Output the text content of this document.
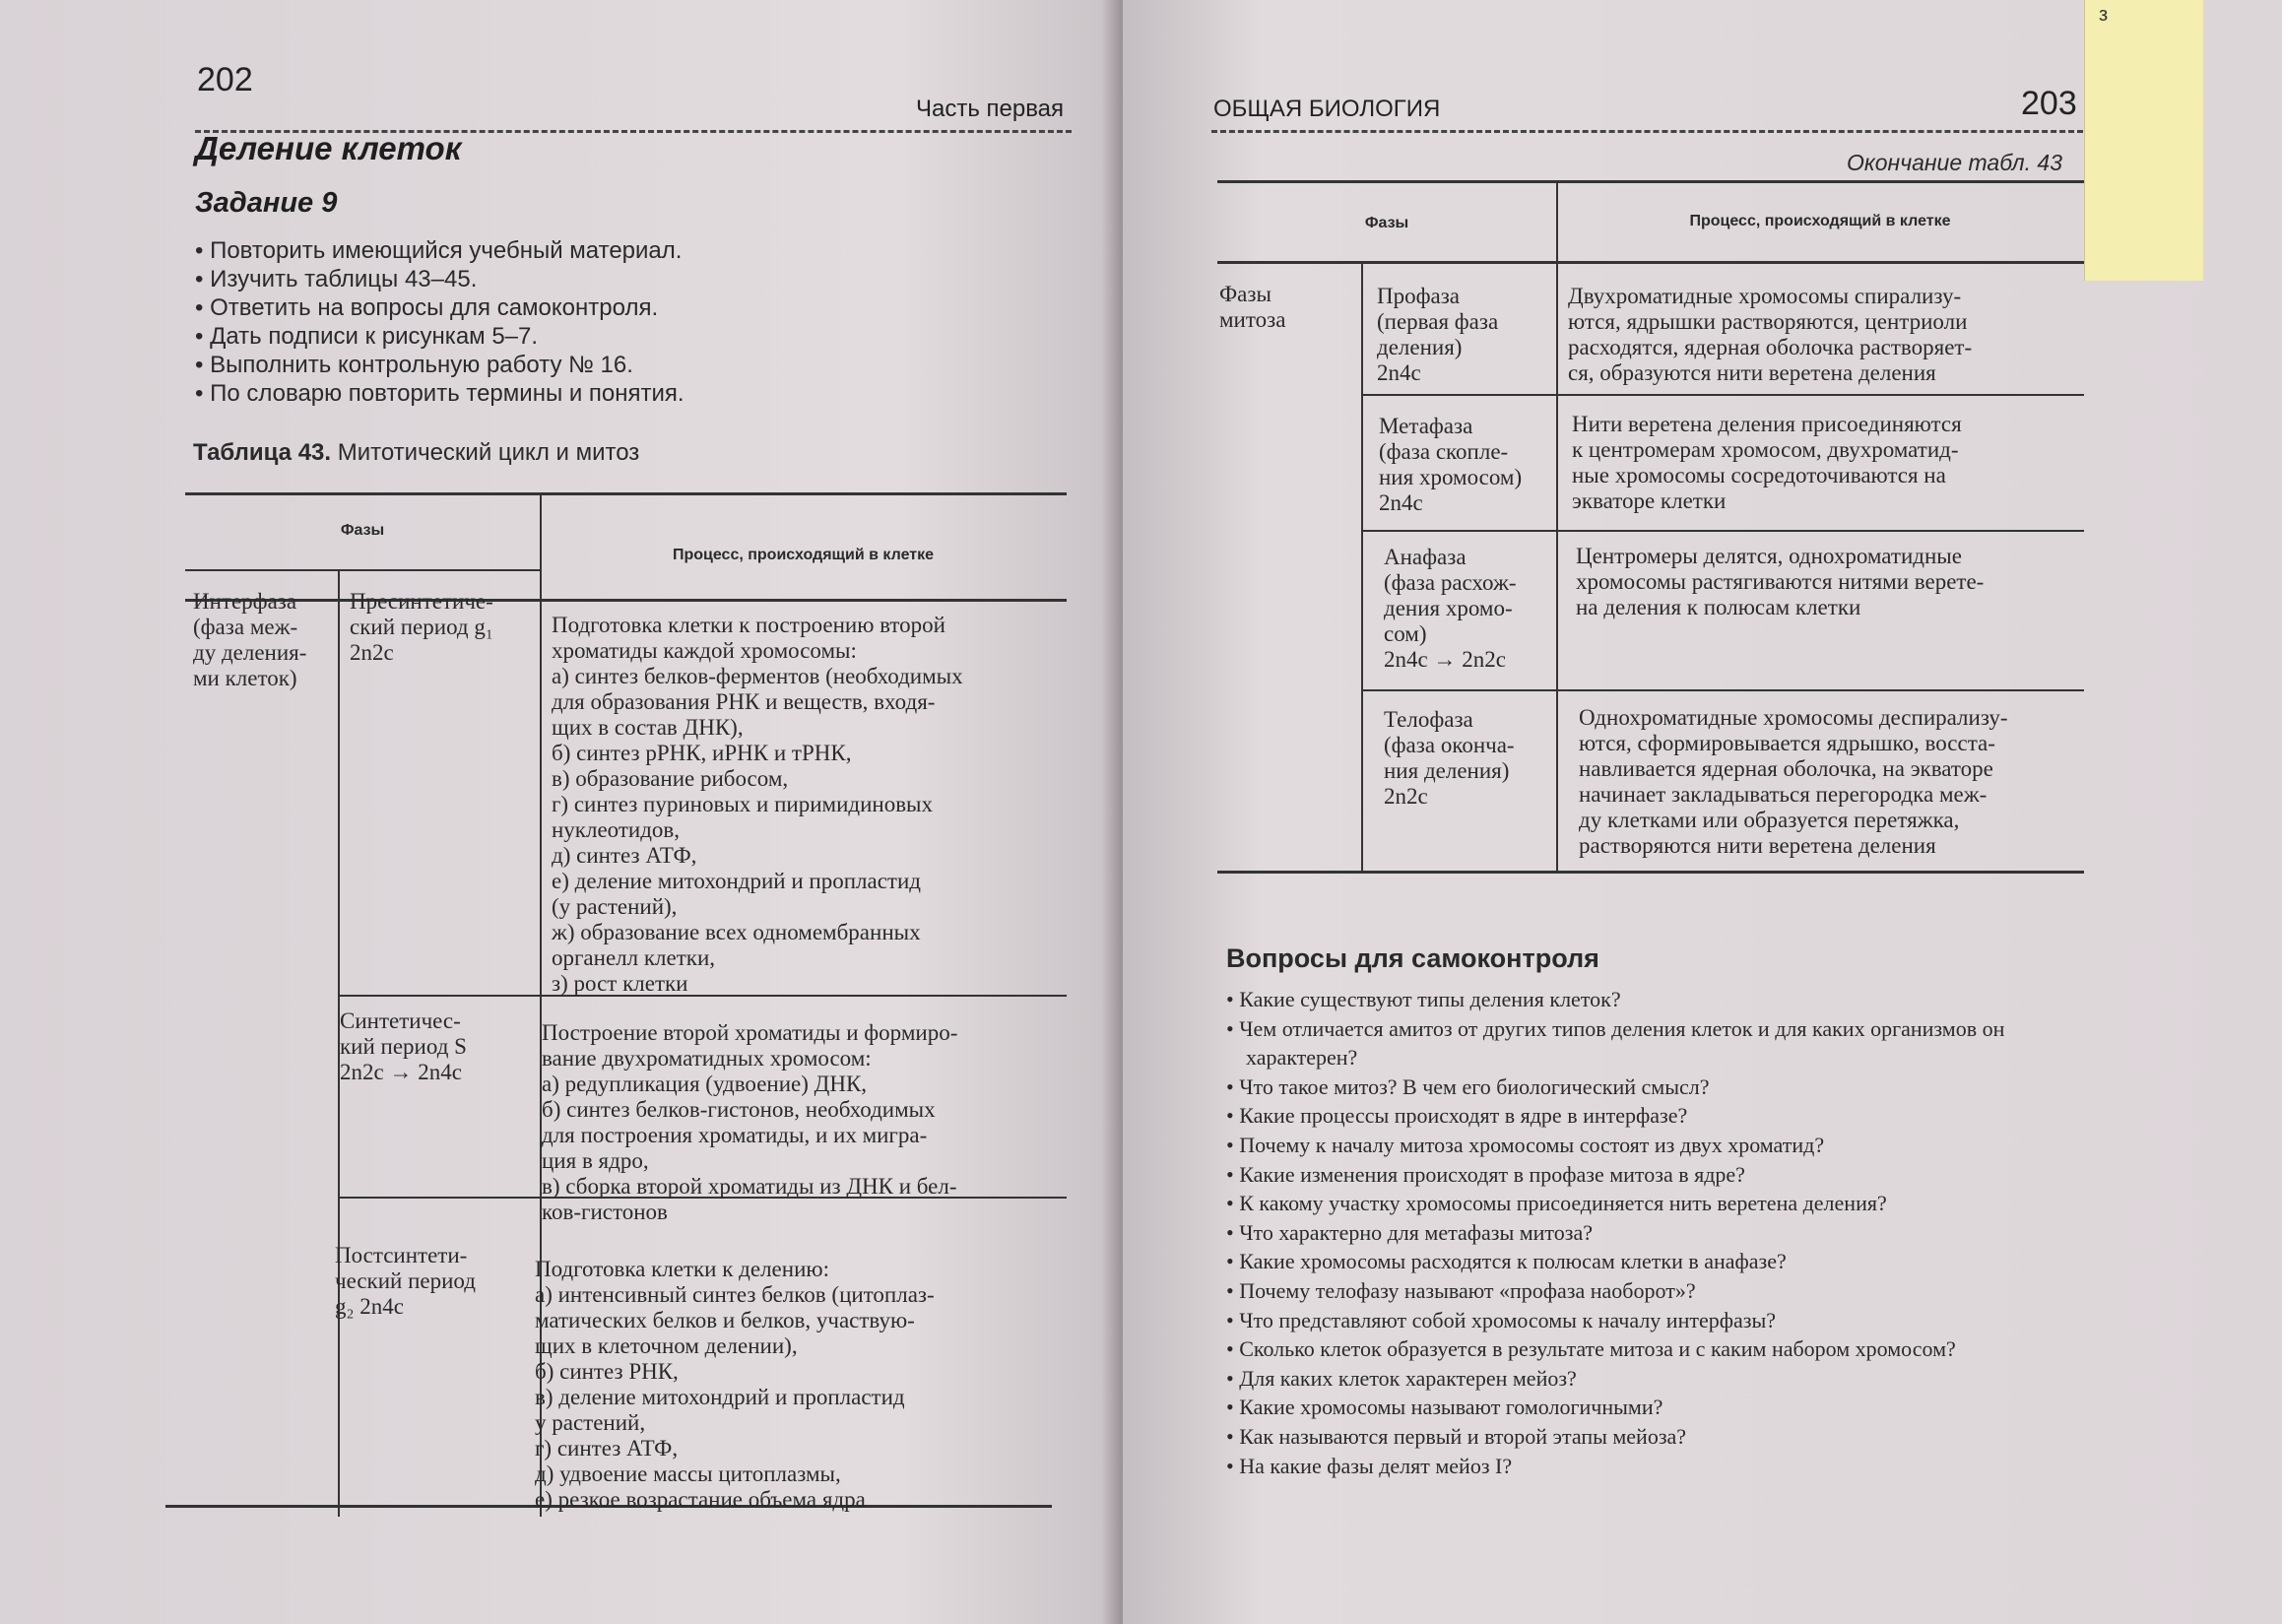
202
Часть первая
Деление клеток
Задание 9
• Повторить имеющийся учебный материал.
• Изучить таблицы 43–45.
• Ответить на вопросы для самоконтроля.
• Дать подписи к рисункам 5–7.
• Выполнить контрольную работу № 16.
• По словарю повторить термины и понятия.
Таблица 43. Митотический цикл и митоз
Фазы
Процесс, происходящий в клетке
Интерфаза
(фаза меж-
ду деления-
ми клеток)
Пресинтетиче-
ский период g₁
2n2c
Подготовка клетки к построению второй
хроматиды каждой хромосомы:
а) синтез белков-ферментов (необходимых
для образования РНК и веществ, входя-
щих в состав ДНК),
б) синтез рРНК, иРНК и тРНК,
в) образование рибосом,
г) синтез пуриновых и пиримидиновых
нуклеотидов,
д) синтез АТФ,
е) деление митохондрий и пропластид
(у растений),
ж) образование всех одномембранных
органелл клетки,
з) рост клетки
Синтетичес-
кий период S
2n2c → 2n4c
Построение второй хроматиды и формиро-
вание двухроматидных хромосом:
а) редупликация (удвоение) ДНК,
б) синтез белков-гистонов, необходимых
для построения хроматиды, и их мигра-
ция в ядро,
в) сборка второй хроматиды из ДНК и бел-
ков-гистонов
Постсинтети-
ческий период
g₂ 2n4c
Подготовка клетки к делению:
а) интенсивный синтез белков (цитоплаз-
матических белков и белков, участвую-
щих в клеточном делении),
б) синтез РНК,
в) деление митохондрий и пропластид
у растений,
г) синтез АТФ,
д) удвоение массы цитоплазмы,
е) резкое возрастание объема ядра
ОБЩАЯ БИОЛОГИЯ	203
Окончание табл. 43
Фазы	Процесс, происходящий в клетке
Фазы
митоза
Профаза
(первая фаза
деления)
2n4c
Двухроматидные хромосомы спирализу-
ются, ядрышки растворяются, центриоли
расходятся, ядерная оболочка растворяет-
ся, образуются нити веретена деления
Метафаза
(фаза скопле-
ния хромосом)
2n4c
Нити веретена деления присоединяются
к центромерам хромосом, двухроматид-
ные хромосомы сосредоточиваются на
экваторе клетки
Анафаза
(фаза расхож-
дения хромо-
сом)
2n4c → 2n2c
Центромеры делятся, однохроматидные
хромосомы растягиваются нитями верете-
на деления к полюсам клетки
Телофаза
(фаза оконча-
ния деления)
2n2c
Однохроматидные хромосомы деспирализу-
ются, сформировывается ядрышко, восста-
навливается ядерная оболочка, на экваторе
начинает закладываться перегородка меж-
ду клетками или образуется перетяжка,
растворяются нити веретена деления
Вопросы для самоконтроля
• Какие существуют типы деления клеток?
• Чем отличается амитоз от других типов деления клеток и для каких организмов он характерен?
• Что такое митоз? В чем его биологический смысл?
• Какие процессы происходят в ядре в интерфазе?
• Почему к началу митоза хромосомы состоят из двух хроматид?
• Какие изменения происходят в профазе митоза в ядре?
• К какому участку хромосомы присоединяется нить веретена деления?
• Что характерно для метафазы митоза?
• Какие хромосомы расходятся к полюсам клетки в анафазе?
• Почему телофазу называют «профаза наоборот»?
• Что представляют собой хромосомы к началу интерфазы?
• Сколько клеток образуется в результате митоза и с каким набором хромосом?
• Для каких клеток характерен мейоз?
• Какие хромосомы называют гомологичными?
• Как называются первый и второй этапы мейоза?
• На какие фазы делят мейоз I?
з
